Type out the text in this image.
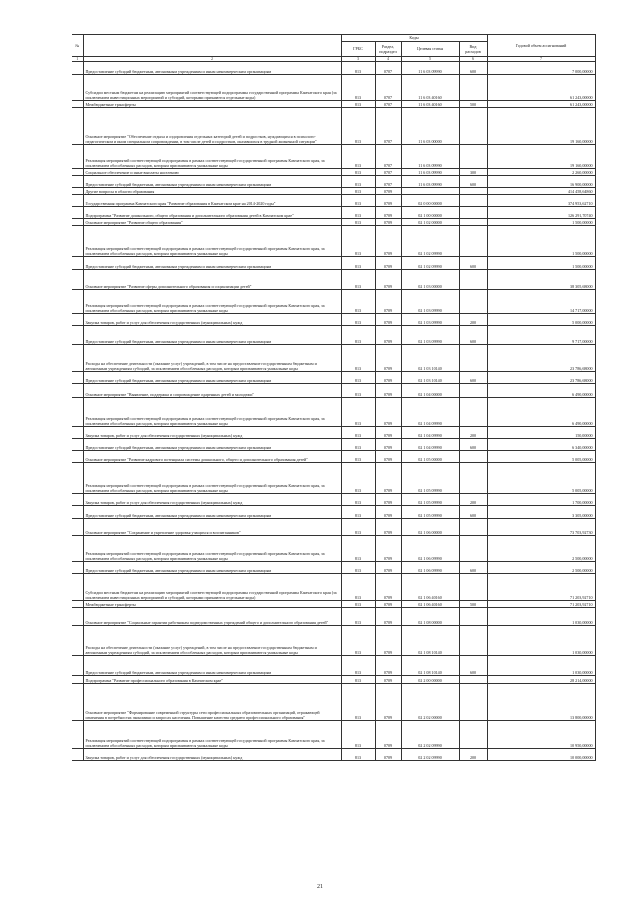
№		Коды				Годовой объем ассигнований
		ГРБС	Раздел, подраздел	Целевая статья	Вид расходов	
1	2	3	4	5	6	7
	Предоставление субсидий бюджетным, автономным учреждениям и иным некоммерческим организациям	813	0707	11 6 03 09990	600	7 000,00000
	Субсидии местным бюджетам на реализацию мероприятий соответствующей подпрограммы государственной программы Камчатского края (за исключением инвестиционных мероприятий и субсидий, которыми признаются отдельные коды)	813	0707	11 6 03 40160		61 243,00000
	Межбюджетные трансферты	813	0707	11 6 03 40160	500	61 243,00000
	Основное мероприятие "Обеспечение отдыха и оздоровления отдельных категорий детей и подростков, нуждающихся в психолого-педагогическом и ином специальном сопровождении, в том числе детей и подростков, оказавшихся в трудной жизненной ситуации"	813	0707	11 6 03 00000		19 160,00000
	Реализация мероприятий соответствующей подпрограммы в рамках соответствующей государственной программы Камчатского края, за исключением обособленных расходов, которым присваиваются уникальные коды	813	0707	11 6 03 09990		19 160,00000
	Социальное обеспечение и иные выплаты населению	813	0707	11 6 03 09990	300	2 260,00000
	Предоставление субсидий бюджетным, автономным учреждениям и иным некоммерческим организациям	813	0707	11 6 03 09990	600	16 900,00000
	Другие вопросы в области образования	813	0709			414 458,64860
	Государственная программа Камчатского края "Развитие образования в Камчатском крае на 2014-2020 годы"	813	0709	02 0 00 00000		374 953,62710
	Подпрограмма "Развитие дошкольного, общего образования и дополнительного образования детей в Камчатском крае"	813	0709	02 1 00 00000		126 291,70740
	Основное мероприятие "Развитие общего образования"	813	0709	02 1 02 00000		1 500,00000
	Реализация мероприятий соответствующей подпрограммы в рамках соответствующей государственной программы Камчатского края, за исключением обособленных расходов, которым присваиваются уникальные коды	813	0709	02 1 02 09990		1 500,00000
	Предоставление субсидий бюджетным, автономным учреждениям и иным некоммерческим организациям	813	0709	02 1 02 09990	600	1 500,00000
	Основное мероприятие "Развитие сферы дополнительного образования и социализации детей"	813	0709	02 1 03 00000		38 305,68000
	Реализация мероприятий соответствующей подпрограммы в рамках соответствующей государственной программы Камчатского края, за исключением обособленных расходов, которым присваиваются уникальные коды	813	0709	02 1 03 09990		14 717,00000
	Закупка товаров, работ и услуг для обеспечения государственных (муниципальных) нужд	813	0709	02 1 03 09990	200	5 000,00000
	Предоставление субсидий бюджетным, автономным учреждениям и иным некоммерческим организациям	813	0709	02 1 03 09990	600	9 717,00000
	Расходы на обеспечение деятельности (оказание услуг) учреждений, в том числе на предоставление государственным бюджетным и автономным учреждениям субсидий, за исключением обособленных расходов, которым присваиваются уникальные коды	813	0709	02 1 03 10140		23 786,68000
	Предоставление субсидий бюджетным, автономным учреждениям и иным некоммерческим организациям	813	0709	02 1 03 10140	600	23 786,68000
	Основное мероприятие "Выявление, поддержка и сопровождение одаренных детей и молодежи"	813	0709	02 1 04 00000		6 490,00000
	Реализация мероприятий соответствующей подпрограммы в рамках соответствующей государственной программы Камчатского края, за исключением обособленных расходов, которым присваиваются уникальные коды	813	0709	02 1 04 09990		6 490,00000
	Закупка товаров, работ и услуг для обеспечения государственных (муниципальных) нужд	813	0709	02 1 04 09990	200	150,00000
	Предоставление субсидий бюджетным, автономным учреждениям и иным некоммерческим организациям	813	0709	02 1 04 09990	600	6 340,00000
	Основное мероприятие "Развитие кадрового потенциала системы дошкольного, общего и дополнительного образования детей"	813	0709	02 1 05 00000		5 005,00000
	Реализация мероприятий соответствующей подпрограммы в рамках соответствующей государственной программы Камчатского края, за исключением обособленных расходов, которым присваиваются уникальные коды	813	0709	02 1 05 09990		5 005,00000
	Закупка товаров, работ и услуг для обеспечения государственных (муниципальных) нужд	813	0709	02 1 05 09990	200	1 700,00000
	Предоставление субсидий бюджетным, автономным учреждениям и иным некоммерческим организациям	813	0709	02 1 05 09990	600	3 305,00000
	Основное мероприятие "Сохранение и укрепление здоровья учащихся и воспитанников"	813	0709	02 1 06 00000		73 703,92730
	Реализация мероприятий соответствующей подпрограммы в рамках соответствующей государственной программы Камчатского края, за исключением обособленных расходов, которым присваиваются уникальные коды	813	0709	02 1 06 09990		2 500,00000
	Предоставление субсидий бюджетным, автономным учреждениям и иным некоммерческим организациям	813	0709	02 1 06 09990	600	2 500,00000
	Субсидии местным бюджетам на реализацию мероприятий соответствующей подпрограммы государственной программы Камчатского края (за исключением инвестиционных мероприятий и субсидий, которыми признаются отдельные коды)	813	0709	02 1 06 40160		71 203,92710
	Межбюджетные трансферты	813	0709	02 1 06 40160	500	71 203,92710
	Основное мероприятие "Социальные гарантии работникам подведомственных учреждений общего и дополнительного образования детей"	813	0709	02 1 08 00000		1 030,00000
	Расходы на обеспечение деятельности (оказание услуг) учреждений, в том числе на предоставление государственным бюджетным и автономным учреждениям субсидий, за исключением обособленных расходов, которым присваиваются уникальные коды	813	0709	02 1 08 10140		1 030,00000
	Предоставление субсидий бюджетным, автономным учреждениям и иным некоммерческим организациям	813	0709	02 1 08 10140	600	1 030,00000
	Подпрограмма "Развитие профессионального образования в Камчатском крае"	813	0709	02 2 00 00000		28 214,00000
	Основное мероприятие "Формирование современной структуры сети профессиональных образовательных организаций, отражающей изменения в потребностях экономики и запросах населения. Повышение качества среднего профессионального образования"	813	0709	02 2 02 00000		13 800,00000
	Реализация мероприятий соответствующей подпрограммы в рамках соответствующей государственной программы Камчатского края, за исключением обособленных расходов, которым присваиваются уникальные коды	813	0709	02 2 02 09990		10 950,00000
	Закупка товаров, работ и услуг для обеспечения государственных (муниципальных) нужд	813	0709	02 2 02 09990	200	10 000,00000
21
